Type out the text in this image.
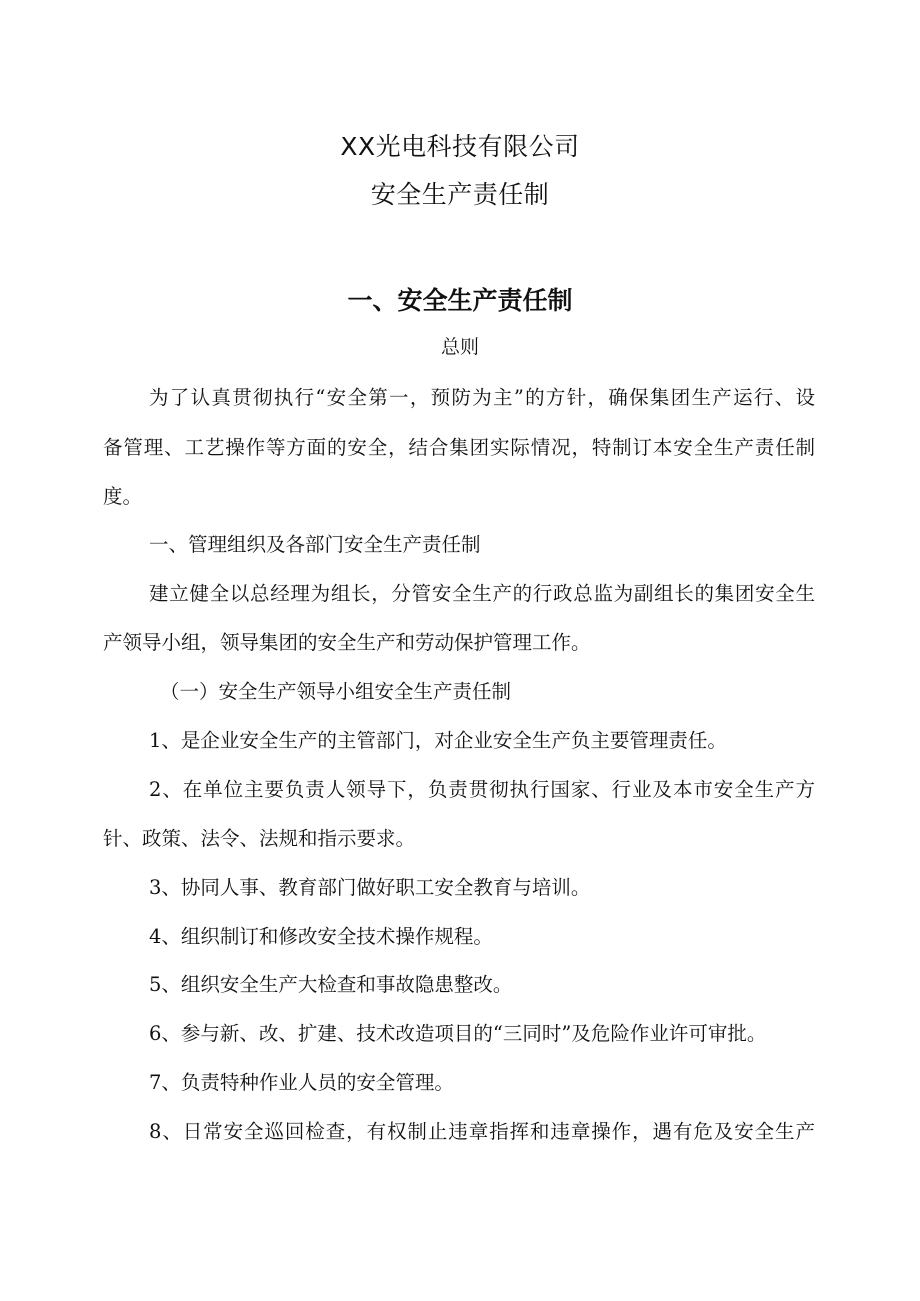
XX光电科技有限公司
安全生产责任制
一、安全生产责任制
总则
为了认真贯彻执行“安全第一，预防为主”的方针，确保集团生产运行、设
备管理、工艺操作等方面的安全，结合集团实际情况，特制订本安全生产责任制
度。
一、管理组织及各部门安全生产责任制
建立健全以总经理为组长，分管安全生产的行政总监为副组长的集团安全生
产领导小组，领导集团的安全生产和劳动保护管理工作。
（一）安全生产领导小组安全生产责任制
1、是企业安全生产的主管部门，对企业安全生产负主要管理责任。
2、在单位主要负责人领导下，负责贯彻执行国家、行业及本市安全生产方
针、政策、法令、法规和指示要求。
3、协同人事、教育部门做好职工安全教育与培训。
4、组织制订和修改安全技术操作规程。
5、组织安全生产大检查和事故隐患整改。
6、参与新、改、扩建、技术改造项目的“三同时”及危险作业许可审批。
7、负责特种作业人员的安全管理。
8、日常安全巡回检查，有权制止违章指挥和违章操作，遇有危及安全生产
